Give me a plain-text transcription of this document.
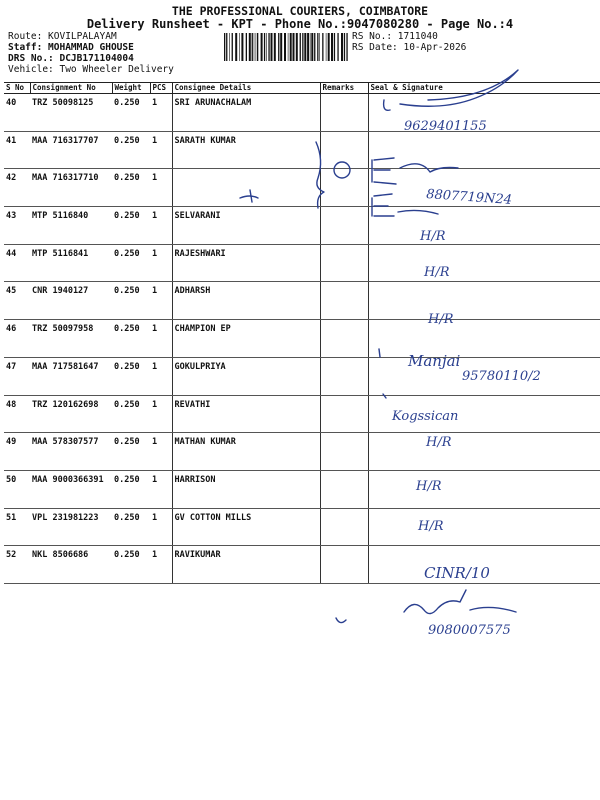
THE PROFESSIONAL COURIERS, COIMBATORE
Delivery Runsheet - KPT - Phone No.:9047080280 - Page No.:4
Route: KOVILPALAYAM
Staff: MOHAMMAD GHOUSE
DRS No.: DCJB171104004
Vehicle: Two Wheeler Delivery
RS No.: 1711040
RS Date: 10-Apr-2026
S No	Consignment No	Weight	PCS	Consignee Details	Remarks	Seal & Signature
40	TRZ 50098125	0.250	1	SRI ARUNACHALAM		
41	MAA 716317707	0.250	1	SARATH KUMAR		
42	MAA 716317710	0.250	1			
43	MTP 5116840	0.250	1	SELVARANI		
44	MTP 5116841	0.250	1	RAJESHWARI		
45	CNR 1940127	0.250	1	ADHARSH		
46	TRZ 50097958	0.250	1	CHAMPION EP		
47	MAA 717581647	0.250	1	GOKULPRIYA		
48	TRZ 120162698	0.250	1	REVATHI		
49	MAA 578307577	0.250	1	MATHAN KUMAR		
50	MAA 9000366391	0.250	1	HARRISON		
51	VPL 231981223	0.250	1	GV COTTON MILLS		
52	NKL 8506686	0.250	1	RAVIKUMAR		
9629401155
8807719N24
H/R
H/R
H/R
Manjai
95780110/2
Kogssican
H/R
H/R
H/R
CINR/10
9080007575
